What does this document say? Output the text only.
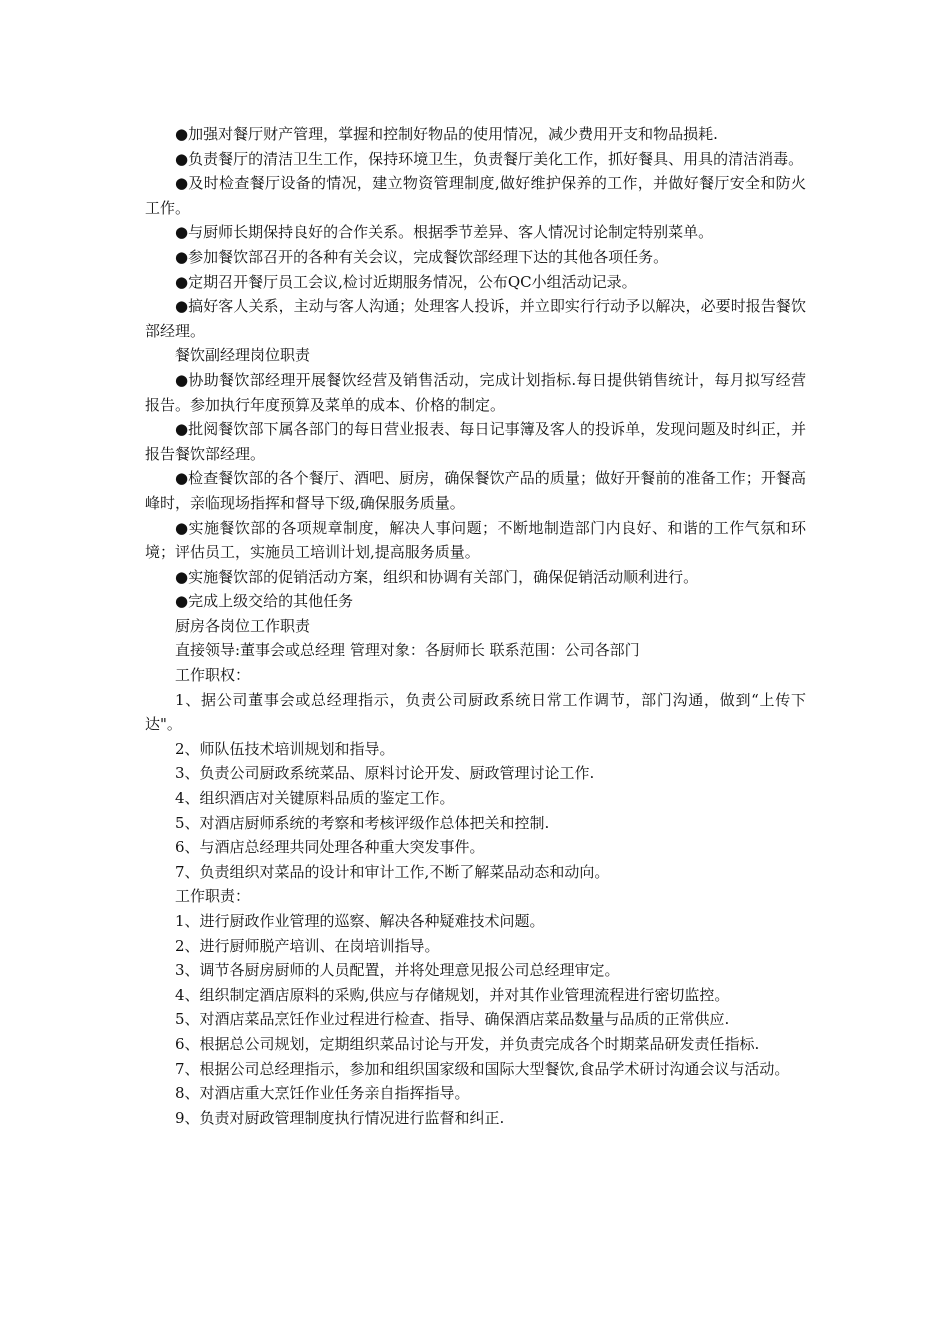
●加强对餐厅财产管理，掌握和控制好物品的使用情况，减少费用开支和物品损耗.

●负责餐厅的清洁卫生工作，保持环境卫生，负责餐厅美化工作，抓好餐具、用具的清洁消毒。

●及时检查餐厅设备的情况，建立物资管理制度,做好维护保养的工作，并做好餐厅安全和防火工作。

●与厨师长期保持良好的合作关系。根据季节差异、客人情况讨论制定特别菜单。

●参加餐饮部召开的各种有关会议，完成餐饮部经理下达的其他各项任务。

●定期召开餐厅员工会议,检讨近期服务情况，公布QC小组活动记录。

●搞好客人关系，主动与客人沟通；处理客人投诉，并立即实行行动予以解决，必要时报告餐饮部经理。

餐饮副经理岗位职责

●协助餐饮部经理开展餐饮经营及销售活动，完成计划指标.每日提供销售统计，每月拟写经营报告。参加执行年度预算及菜单的成本、价格的制定。

●批阅餐饮部下属各部门的每日营业报表、每日记事簿及客人的投诉单，发现问题及时纠正，并报告餐饮部经理。

●检查餐饮部的各个餐厅、酒吧、厨房，确保餐饮产品的质量；做好开餐前的准备工作；开餐高峰时，亲临现场指挥和督导下级,确保服务质量。

●实施餐饮部的各项规章制度，解决人事问题；不断地制造部门内良好、和谐的工作气氛和环境；评估员工，实施员工培训计划,提高服务质量。

●实施餐饮部的促销活动方案，组织和协调有关部门，确保促销活动顺利进行。

●完成上级交给的其他任务

厨房各岗位工作职责

直接领导:董事会或总经理 管理对象：各厨师长 联系范围：公司各部门

工作职权：

1、据公司董事会或总经理指示，负责公司厨政系统日常工作调节，部门沟通，做到“上传下达"。

2、师队伍技术培训规划和指导。

3、负责公司厨政系统菜品、原料讨论开发、厨政管理讨论工作.

4、组织酒店对关键原料品质的鉴定工作。

5、对酒店厨师系统的考察和考核评级作总体把关和控制.

6、与酒店总经理共同处理各种重大突发事件。

7、负责组织对菜品的设计和审计工作,不断了解菜品动态和动向。

工作职责：

1、进行厨政作业管理的巡察、解决各种疑难技术问题。

2、进行厨师脱产培训、在岗培训指导。

3、调节各厨房厨师的人员配置，并将处理意见报公司总经理审定。

4、组织制定酒店原料的采购,供应与存储规划，并对其作业管理流程进行密切监控。

5、对酒店菜品烹饪作业过程进行检查、指导、确保酒店菜品数量与品质的正常供应.

6、根据总公司规划，定期组织菜品讨论与开发，并负责完成各个时期菜品研发责任指标.

7、根据公司总经理指示，参加和组织国家级和国际大型餐饮,食品学术研讨沟通会议与活动。

8、对酒店重大烹饪作业任务亲自指挥指导。

9、负责对厨政管理制度执行情况进行监督和纠正.
